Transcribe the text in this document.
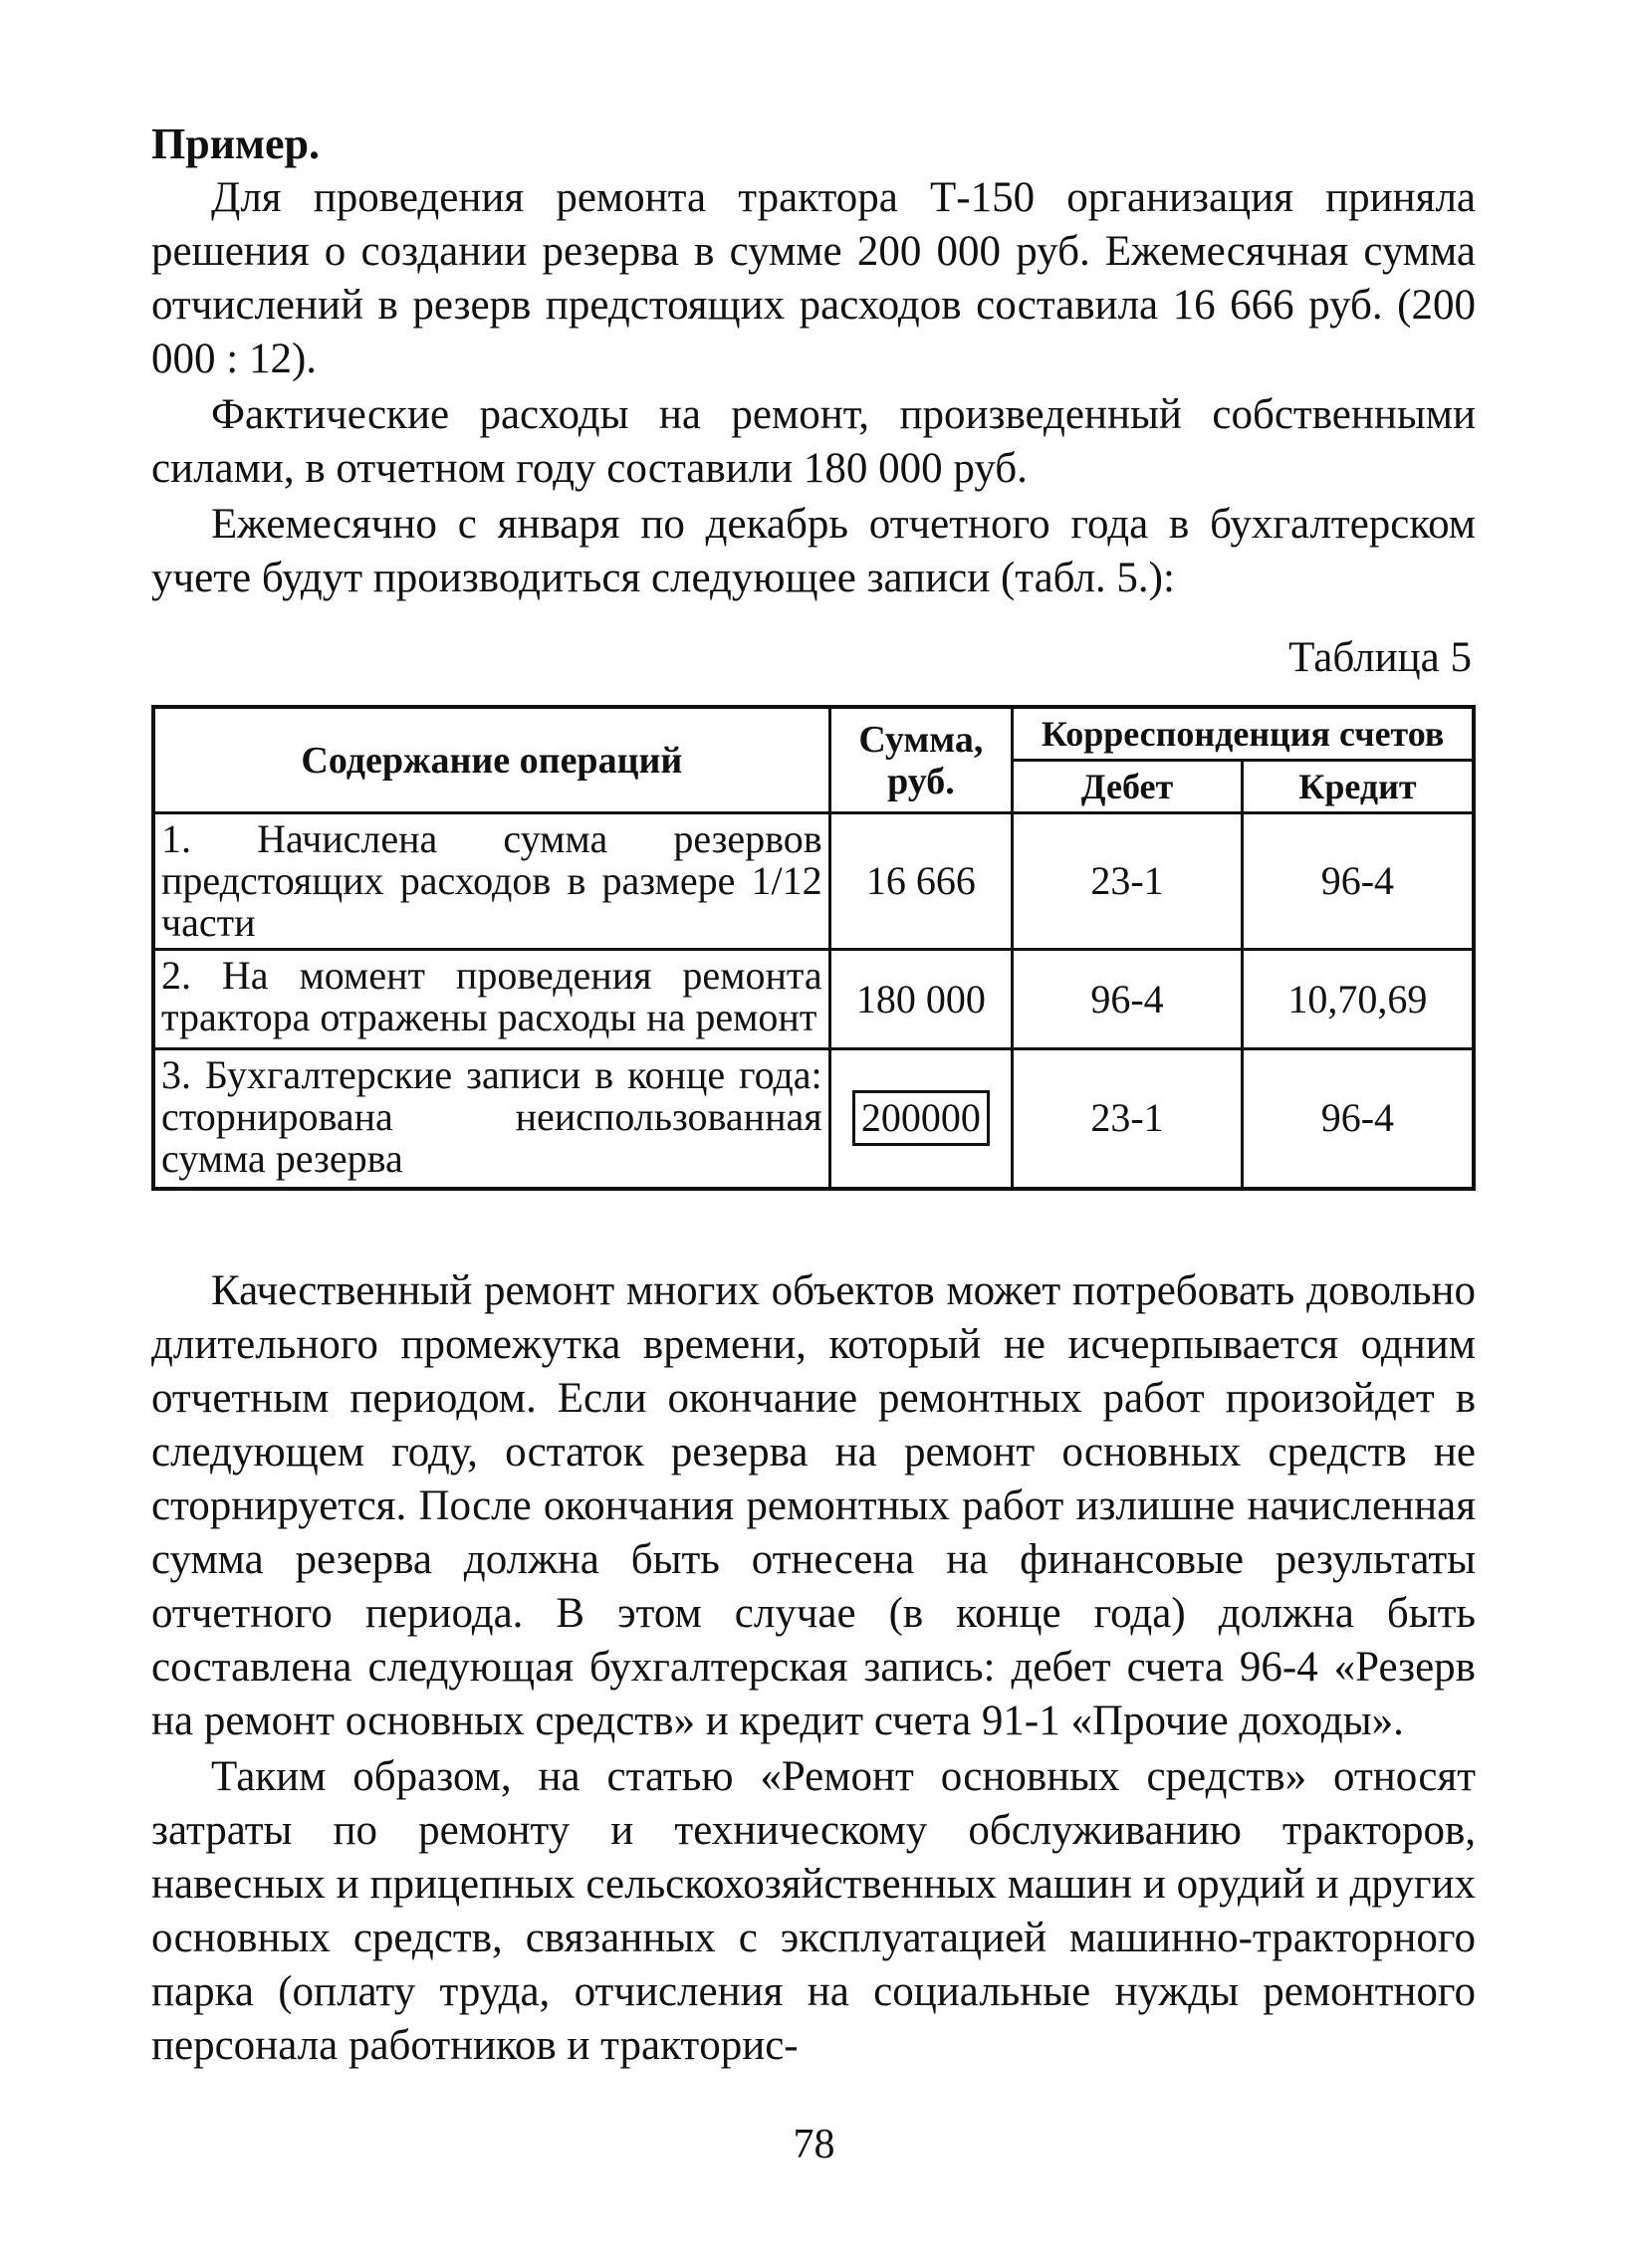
Пример.

Для проведения ремонта трактора Т-150 организация приняла решения о создании резерва в сумме 200 000 руб. Ежемесячная сумма отчислений в резерв предстоящих расходов составила 16 666 руб. (200 000 : 12).

Фактические расходы на ремонт, произведенный собственными силами, в отчетном году составили 180 000 руб.

Ежемесячно с января по декабрь отчетного года в бухгалтерском учете будут производиться следующее записи (табл. 5.):

Таблица 5
Содержание операций	Сумма, руб.	Корреспонденция счетов	
		Дебет	Кредит
1. Начислена сумма резервов предстоящих расходов в размере 1/12 части	16 666	23-1	96-4
2. На момент проведения ремонта трактора отражены расходы на ремонт	180 000	96-4	10,70,69
3. Бухгалтерские записи в конце года: сторнирована неиспользованная сумма резерва	200000	23-1	96-4

Качественный ремонт многих объектов может потребовать довольно длительного промежутка времени, который не исчерпывается одним отчетным периодом. Если окончание ремонтных работ произойдет в следующем году, остаток резерва на ремонт основных средств не сторнируется. После окончания ремонтных работ излишне начисленная сумма резерва должна быть отнесена на финансовые результаты отчетного периода. В этом случае (в конце года) должна быть составлена следующая бухгалтерская запись: дебет счета 96-4 «Резерв на ремонт основных средств» и кредит счета 91-1 «Прочие доходы».

Таким образом, на статью «Ремонт основных средств» относят затраты по ремонту и техническому обслуживанию тракторов, навесных и прицепных сельскохозяйственных машин и орудий и других основных средств, связанных с эксплуатацией машинно-тракторного парка (оплату труда, отчисления на социальные нужды ремонтного персонала работников и трактoрис-

78
